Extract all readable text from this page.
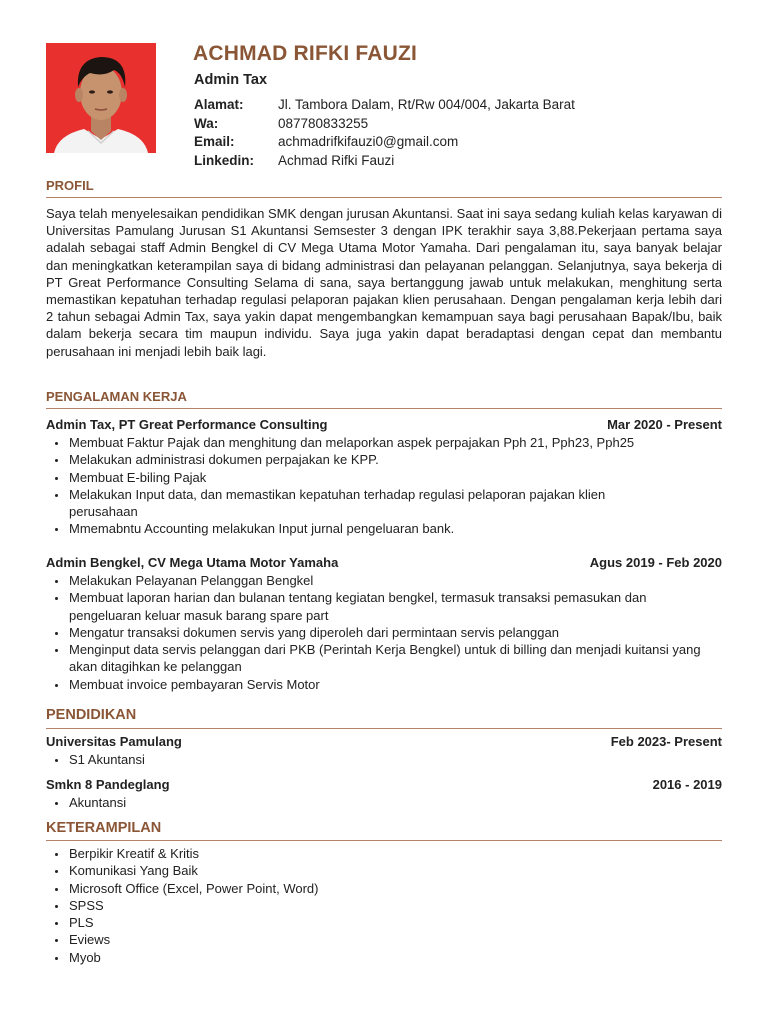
ACHMAD RIFKI FAUZI
Admin Tax
Alamat:	Jl. Tambora Dalam, Rt/Rw 004/004, Jakarta Barat
Wa:	087780833255
Email:	achmadrifkifauzi0@gmail.com
Linkedin:	Achmad Rifki Fauzi
PROFIL
Saya telah menyelesaikan pendidikan SMK dengan jurusan Akuntansi. Saat ini saya sedang kuliah kelas karyawan di Universitas Pamulang Jurusan S1 Akuntansi Semsester 3 dengan IPK terakhir saya 3,88.Pekerjaan pertama saya adalah sebagai staff Admin Bengkel di CV Mega Utama Motor Yamaha. Dari pengalaman itu, saya banyak belajar dan meningkatkan keterampilan saya di bidang administrasi dan pelayanan pelanggan. Selanjutnya, saya bekerja di PT Great Performance Consulting Selama di sana, saya bertanggung jawab untuk melakukan, menghitung serta memastikan kepatuhan terhadap regulasi pelaporan pajakan klien perusahaan. Dengan pengalaman kerja lebih dari 2 tahun sebagai Admin Tax, saya yakin dapat mengembangkan kemampuan saya bagi perusahaan Bapak/Ibu, baik dalam bekerja secara tim maupun individu. Saya juga yakin dapat beradaptasi dengan cepat dan membantu perusahaan ini menjadi lebih baik lagi.
PENGALAMAN KERJA
Admin Tax, PT Great Performance Consulting	Mar 2020 - Present
• Membuat Faktur Pajak dan menghitung dan melaporkan aspek perpajakan Pph 21, Pph23, Pph25
• Melakukan administrasi dokumen perpajakan ke KPP.
• Membuat E-biling Pajak
• Melakukan Input data, dan memastikan kepatuhan terhadap regulasi pelaporan pajakan klien perusahaan
• Mmemabntu Accounting melakukan Input jurnal pengeluaran bank.
Admin Bengkel, CV Mega Utama Motor Yamaha	Agus 2019 - Feb 2020
• Melakukan Pelayanan Pelanggan Bengkel
• Membuat laporan harian dan bulanan tentang kegiatan bengkel, termasuk transaksi pemasukan dan pengeluaran keluar masuk barang spare part
• Mengatur transaksi dokumen servis yang diperoleh dari permintaan servis pelanggan
• Menginput data servis pelanggan dari PKB (Perintah Kerja Bengkel) untuk di billing dan menjadi kuitansi yang akan ditagihkan ke pelanggan
• Membuat invoice pembayaran Servis Motor
PENDIDIKAN
Universitas Pamulang	Feb 2023- Present
• S1 Akuntansi
Smkn 8 Pandeglang	2016 - 2019
• Akuntansi
KETERAMPILAN
• Berpikir Kreatif & Kritis
• Komunikasi Yang Baik
• Microsoft Office (Excel, Power Point, Word)
• SPSS
• PLS
• Eviews
• Myob
